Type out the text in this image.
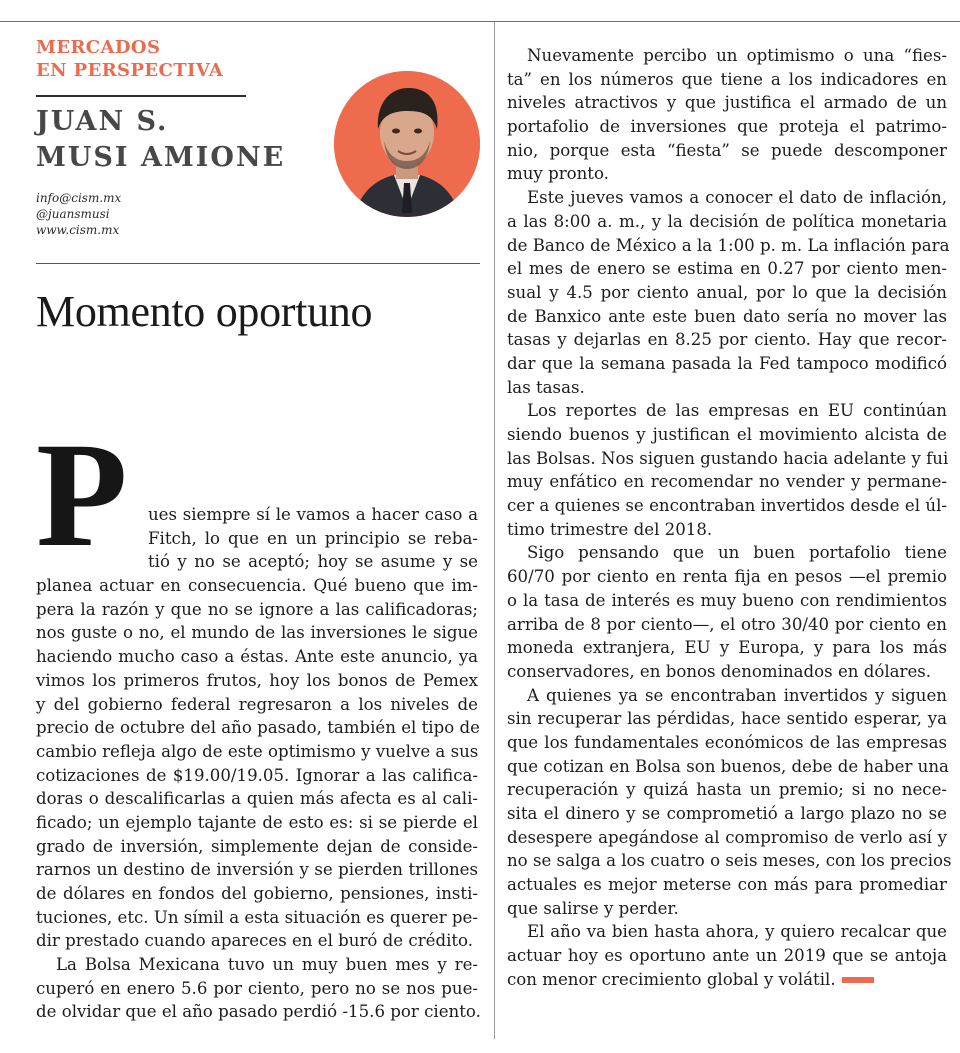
MERCADOS
EN PERSPECTIVA
JUAN S.
MUSI AMIONE
info@cism.mx
@juansmusi
www.cism.mx
Momento oportuno
P	ues siempre sí le vamos a hacer caso a
Fitch, lo que en un principio se reba-
tió y no se aceptó; hoy se asume y se
planea actuar en consecuencia. Qué bueno que im-
pera la razón y que no se ignore a las calificadoras;
nos guste o no, el mundo de las inversiones le sigue
haciendo mucho caso a éstas. Ante este anuncio, ya
vimos los primeros frutos, hoy los bonos de Pemex
y del gobierno federal regresaron a los niveles de
precio de octubre del año pasado, también el tipo de
cambio refleja algo de este optimismo y vuelve a sus
cotizaciones de $19.00/19.05. Ignorar a las califica-
doras o descalificarlas a quien más afecta es al cali-
ficado; un ejemplo tajante de esto es: si se pierde el
grado de inversión, simplemente dejan de conside-
rarnos un destino de inversión y se pierden trillones
de dólares en fondos del gobierno, pensiones, insti-
tuciones, etc. Un símil a esta situación es querer pe-
dir prestado cuando apareces en el buró de crédito.
La Bolsa Mexicana tuvo un muy buen mes y re-
cuperó en enero 5.6 por ciento, pero no se nos pue-
de olvidar que el año pasado perdió -15.6 por ciento.
Nuevamente percibo un optimismo o una “fies-
ta” en los números que tiene a los indicadores en
niveles atractivos y que justifica el armado de un
portafolio de inversiones que proteja el patrimo-
nio, porque esta “fiesta” se puede descomponer
muy pronto.
Este jueves vamos a conocer el dato de inflación,
a las 8:00 a. m., y la decisión de política monetaria
de Banco de México a la 1:00 p. m. La inflación para
el mes de enero se estima en 0.27 por ciento men-
sual y 4.5 por ciento anual, por lo que la decisión
de Banxico ante este buen dato sería no mover las
tasas y dejarlas en 8.25 por ciento. Hay que recor-
dar que la semana pasada la Fed tampoco modificó
las tasas.
Los reportes de las empresas en EU continúan
siendo buenos y justifican el movimiento alcista de
las Bolsas. Nos siguen gustando hacia adelante y fui
muy enfático en recomendar no vender y permane-
cer a quienes se encontraban invertidos desde el úl-
timo trimestre del 2018.
Sigo pensando que un buen portafolio tiene
60/70 por ciento en renta fija en pesos —el premio
o la tasa de interés es muy bueno con rendimientos
arriba de 8 por ciento—, el otro 30/40 por ciento en
moneda extranjera, EU y Europa, y para los más
conservadores, en bonos denominados en dólares.
A quienes ya se encontraban invertidos y siguen
sin recuperar las pérdidas, hace sentido esperar, ya
que los fundamentales económicos de las empresas
que cotizan en Bolsa son buenos, debe de haber una
recuperación y quizá hasta un premio; si no nece-
sita el dinero y se comprometió a largo plazo no se
desespere apegándose al compromiso de verlo así y
no se salga a los cuatro o seis meses, con los precios
actuales es mejor meterse con más para promediar
que salirse y perder.
El año va bien hasta ahora, y quiero recalcar que
actuar hoy es oportuno ante un 2019 que se antoja
con menor crecimiento global y volátil.
